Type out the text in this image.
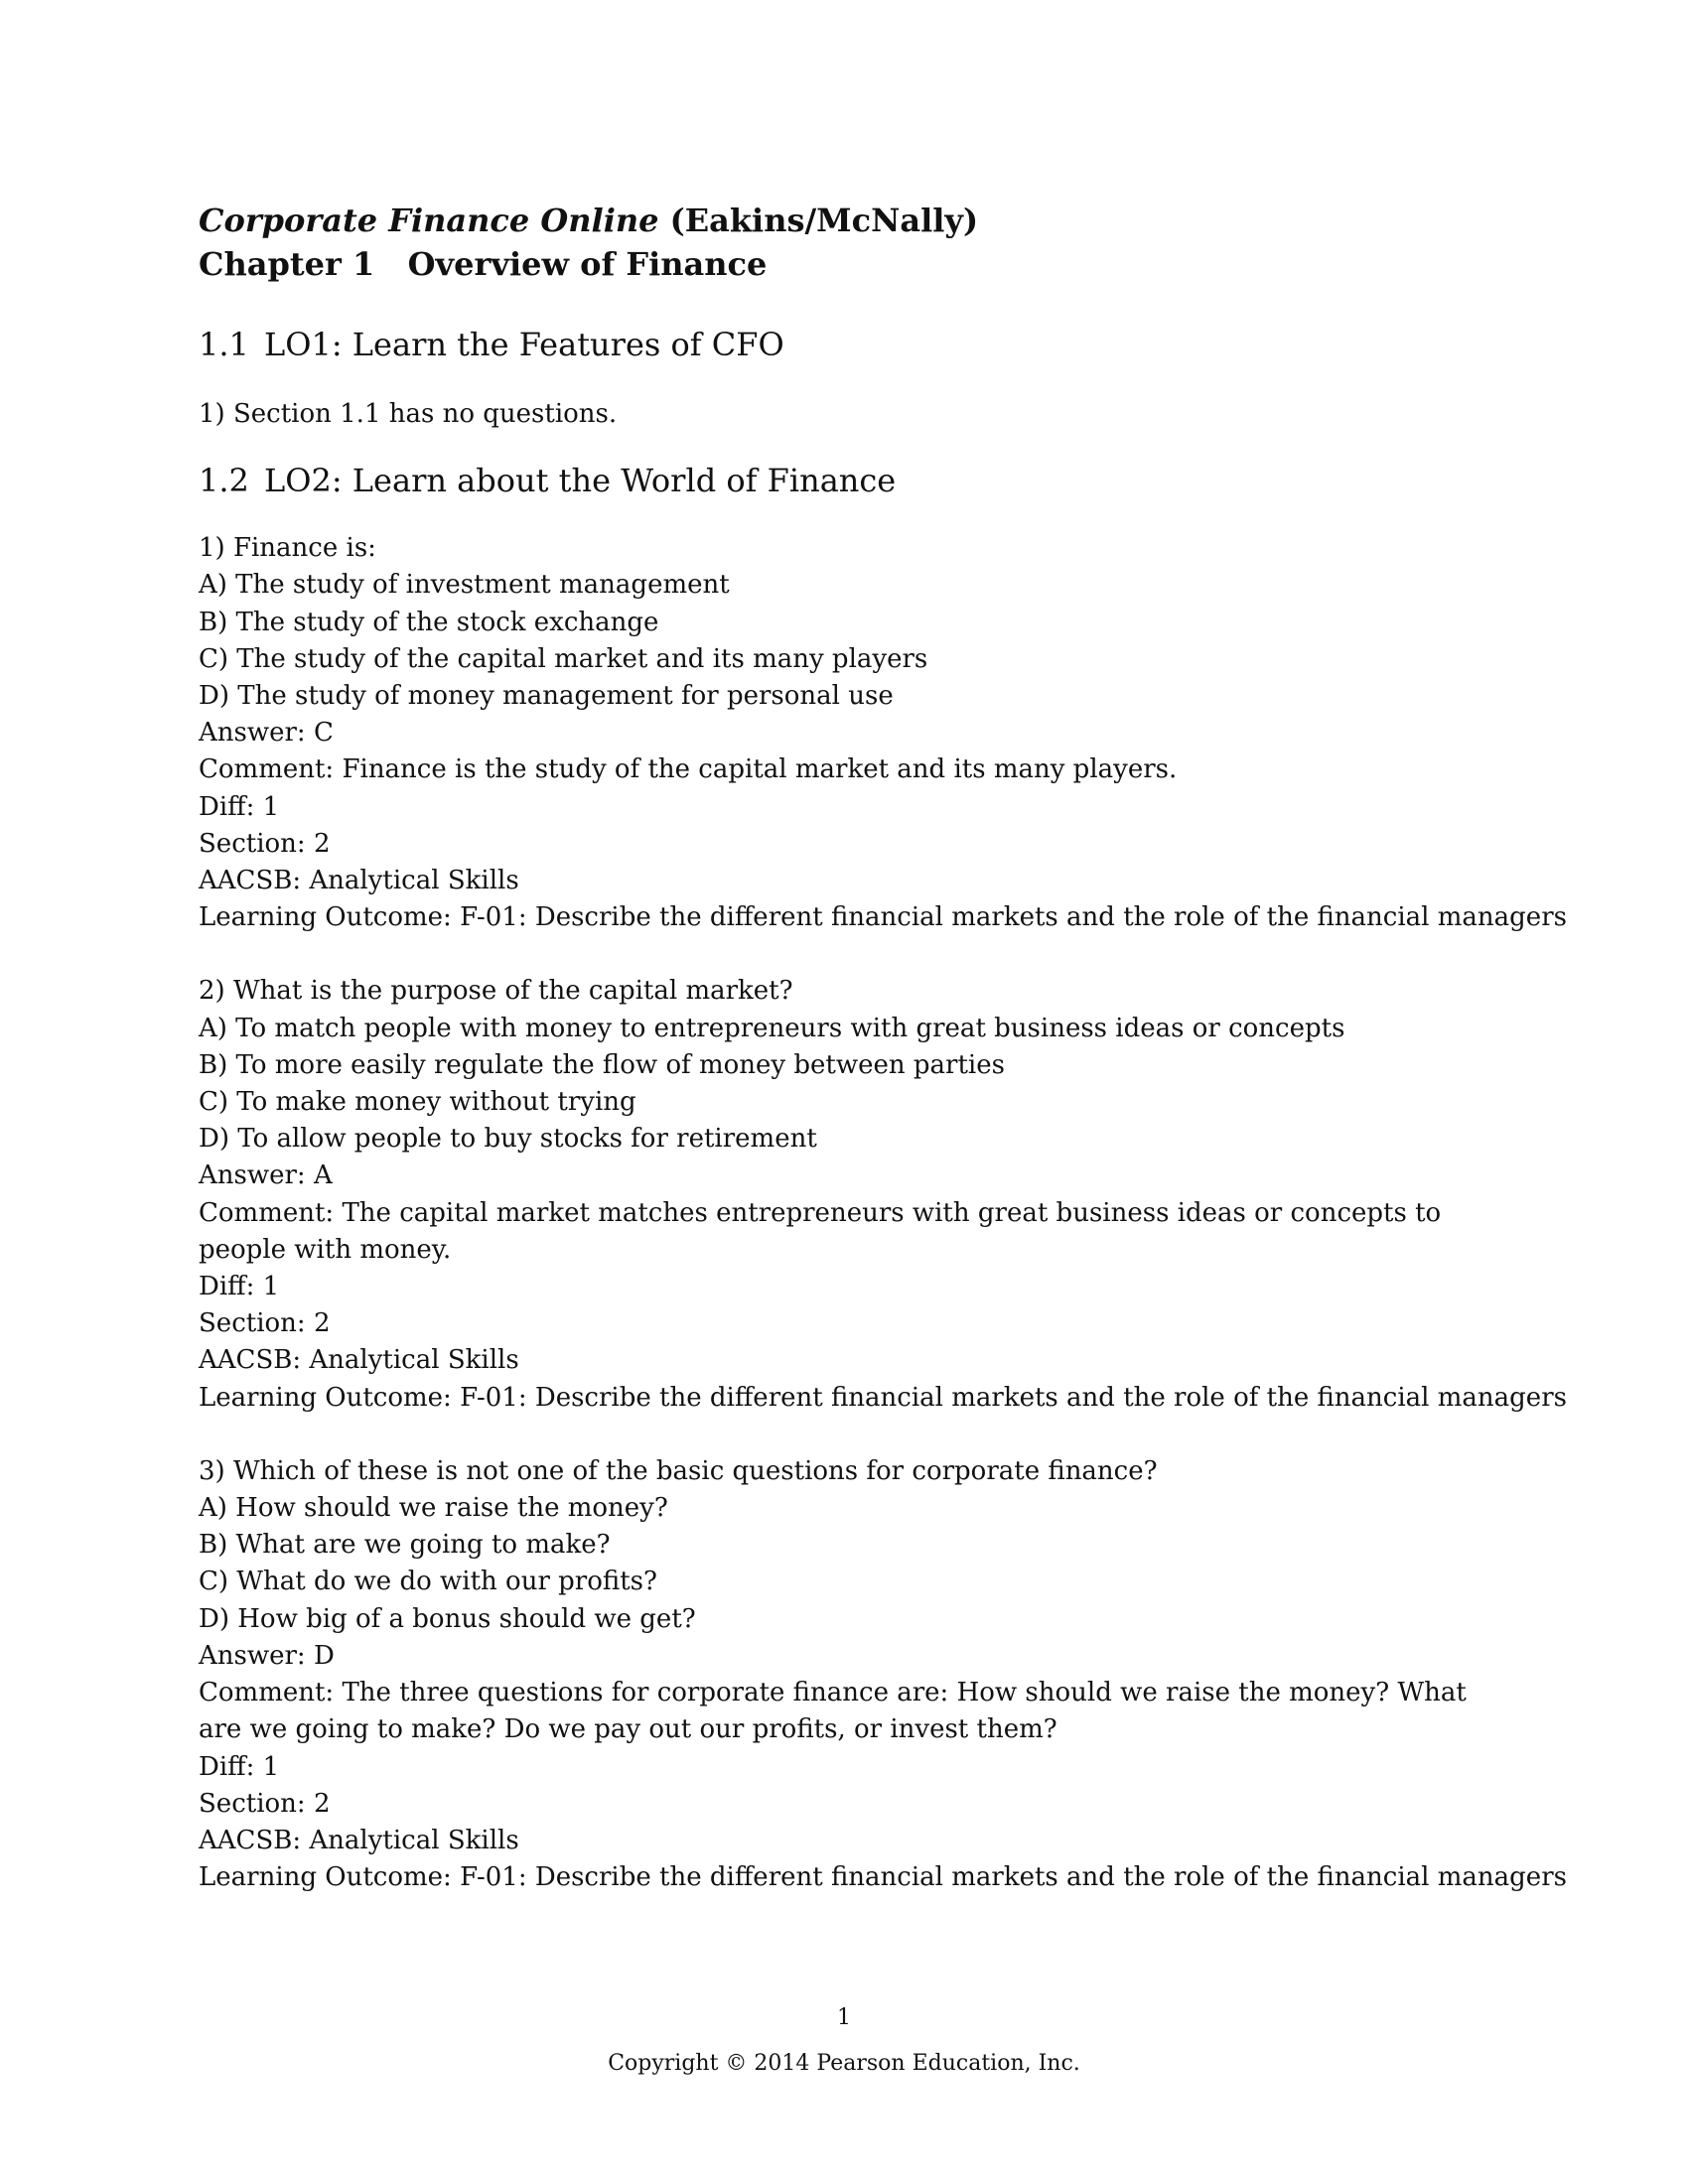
Corporate Finance Online (Eakins/McNally)
Chapter 1 Overview of Finance
1.1 LO1: Learn the Features of CFO
1) Section 1.1 has no questions.
1.2 LO2: Learn about the World of Finance
1) Finance is:
A) The study of investment management
B) The study of the stock exchange
C) The study of the capital market and its many players
D) The study of money management for personal use
Answer: C
Comment: Finance is the study of the capital market and its many players.
Diff: 1
Section: 2
AACSB: Analytical Skills
Learning Outcome: F-01: Describe the different financial markets and the role of the financial managers
2) What is the purpose of the capital market?
A) To match people with money to entrepreneurs with great business ideas or concepts
B) To more easily regulate the flow of money between parties
C) To make money without trying
D) To allow people to buy stocks for retirement
Answer: A
Comment: The capital market matches entrepreneurs with great business ideas or concepts to people with money.
Diff: 1
Section: 2
AACSB: Analytical Skills
Learning Outcome: F-01: Describe the different financial markets and the role of the financial managers
3) Which of these is not one of the basic questions for corporate finance?
A) How should we raise the money?
B) What are we going to make?
C) What do we do with our profits?
D) How big of a bonus should we get?
Answer: D
Comment: The three questions for corporate finance are: How should we raise the money? What are we going to make? Do we pay out our profits, or invest them?
Diff: 1
Section: 2
AACSB: Analytical Skills
Learning Outcome: F-01: Describe the different financial markets and the role of the financial managers
1
Copyright © 2014 Pearson Education, Inc.
